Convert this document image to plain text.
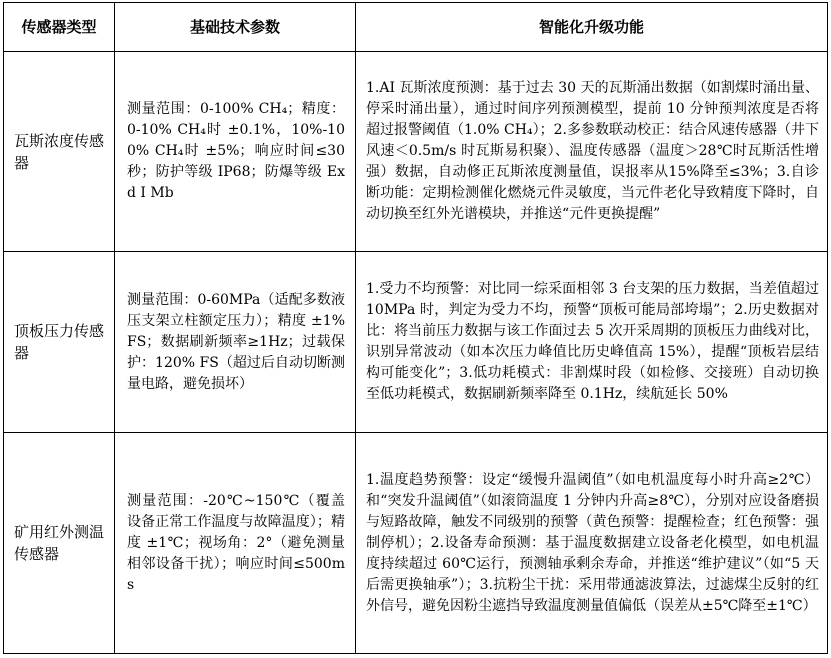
传感器类型	基础技术参数	智能化升级功能

瓦斯浓度传感器	测量范围：0-100% CH₄；精度：0-10% CH₄时 ±0.1%，10%-100% CH₄时 ±5%；响应时间≤30 秒；防护等级 IP68；防爆等级 Ex d I Mb	1.AI 瓦斯浓度预测：基于过去 30 天的瓦斯涌出数据（如割煤时涌出量、停采时涌出量），通过时间序列预测模型，提前 10 分钟预判浓度是否将超过报警阈值（1.0% CH₄）；2.多参数联动校正：结合风速传感器（井下风速＜0.5m/s 时瓦斯易积聚）、温度传感器（温度＞28℃时瓦斯活性增强）数据，自动修正瓦斯浓度测量值，误报率从15%降至≤3%；3.自诊断功能：定期检测催化燃烧元件灵敏度，当元件老化导致精度下降时，自动切换至红外光谱模块，并推送“元件更换提醒”

顶板压力传感器	测量范围：0-60MPa（适配多数液压支架立柱额定压力）；精度 ±1% FS；数据刷新频率≥1Hz；过载保护：120% FS（超过后自动切断测量电路，避免损坏）	1.受力不均预警：对比同一综采面相邻 3 台支架的压力数据，当差值超过 10MPa 时，判定为受力不均，预警“顶板可能局部垮塌”；2.历史数据对比：将当前压力数据与该工作面过去 5 次开采周期的顶板压力曲线对比，识别异常波动（如本次压力峰值比历史峰值高 15%），提醒“顶板岩层结构可能变化”；3.低功耗模式：非割煤时段（如检修、交接班）自动切换至低功耗模式，数据刷新频率降至 0.1Hz，续航延长 50%

矿用红外测温传感器	测量范围：-20℃~150℃（覆盖设备正常工作温度与故障温度）；精度 ±1℃；视场角：2°（避免测量相邻设备干扰）；响应时间≤500ms	1.温度趋势预警：设定“缓慢升温阈值”（如电机温度每小时升高≥2℃）和“突发升温阈值”（如滚筒温度 1 分钟内升高≥8℃），分别对应设备磨损与短路故障，触发不同级别的预警（黄色预警：提醒检查；红色预警：强制停机）；2.设备寿命预测：基于温度数据建立设备老化模型，如电机温度持续超过 60℃运行，预测轴承剩余寿命，并推送“维护建议”（如“5 天后需更换轴承”）；3.抗粉尘干扰：采用带通滤波算法，过滤煤尘反射的红外信号，避免因粉尘遮挡导致温度测量值偏低（误差从±5℃降至±1℃）
